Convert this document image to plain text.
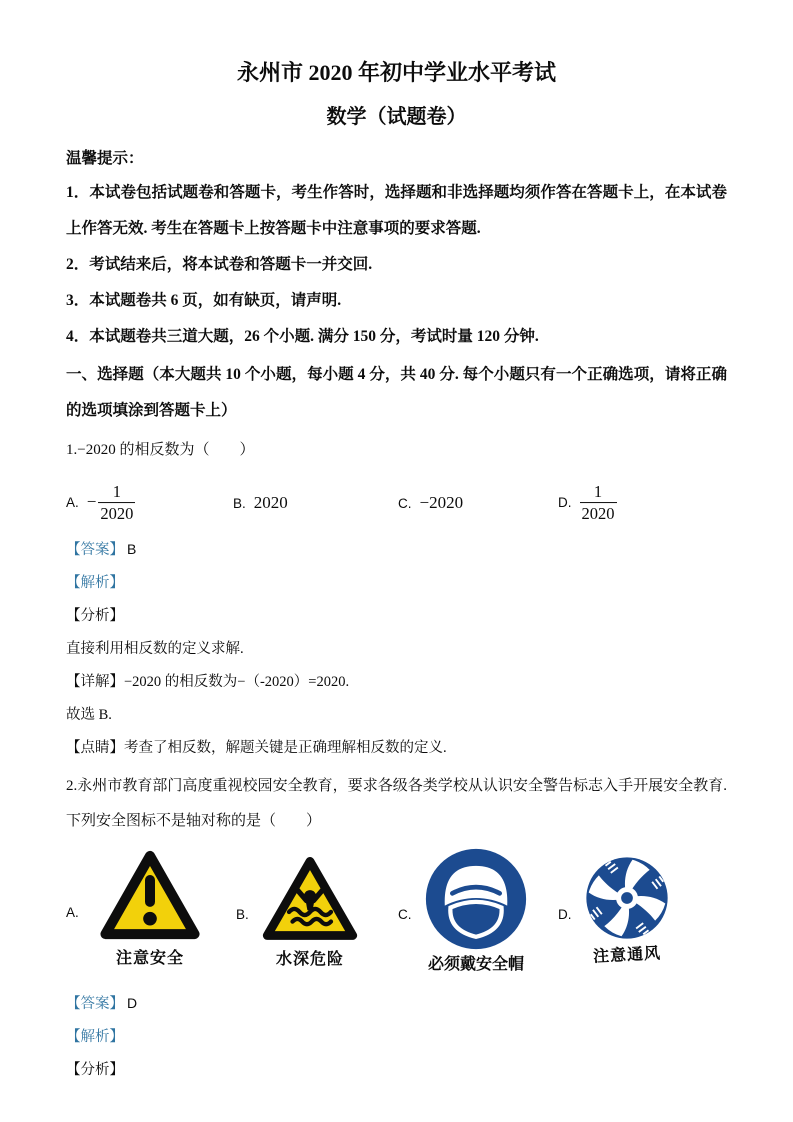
永州市 2020 年初中学业水平考试
数学（试题卷）

温馨提示：

1．本试卷包括试题卷和答题卡，考生作答时，选择题和非选择题均须作答在答题卡上，在本试卷上作答无效. 考生在答题卡上按答题卡中注意事项的要求答题.

2．考试结来后，将本试卷和答题卡一并交回.

3．本试题卷共 6 页，如有缺页，请声明.

4．本试题卷共三道大题，26 个小题. 满分 150 分，考试时量 120 分钟.

一、选择题（本大题共 10 个小题，每小题 4 分，共 40 分. 每个小题只有一个正确选项，请将正确的选项填涂到答题卡上）

1.−2020 的相反数为（　　）

A. − $\frac{1}{2020}$	B. 2020	C. −2020	D. $\frac{1}{2020}$

【答案】 B

【解析】

【分析】

直接利用相反数的定义求解.

【详解】−2020 的相反数为−（-2020）=2020.

故选 B.

【点睛】考查了相反数，解题关键是正确理解相反数的定义.

2.永州市教育部门高度重视校园安全教育，要求各级各类学校从认识安全警告标志入手开展安全教育. 下列安全图标不是轴对称的是（　　）

A.
注意安全
B.
水深危险
C.
必须戴安全帽
D.
注意通风

【答案】 D

【解析】

【分析】
